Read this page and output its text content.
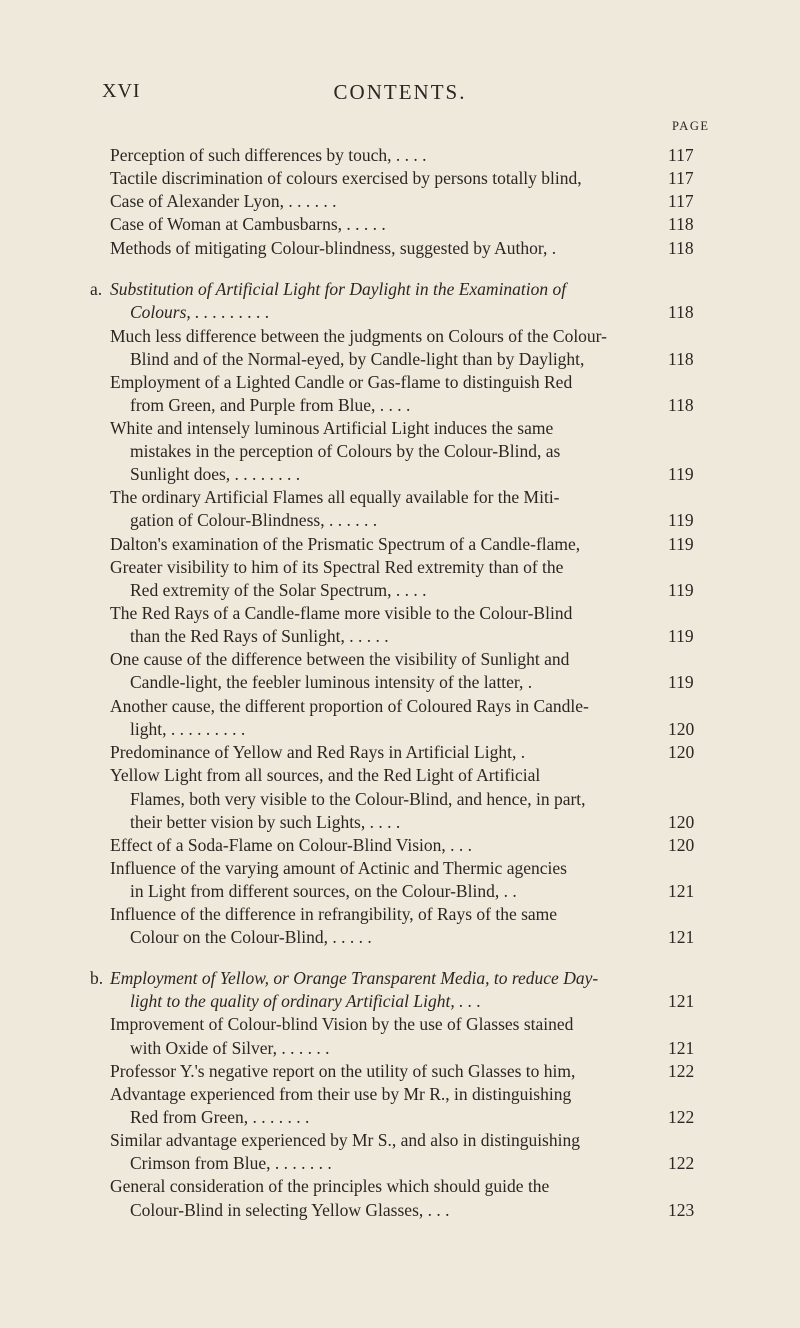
XVI	CONTENTS.
PAGE
Perception of such differences by touch, . . . .	117
Tactile discrimination of colours exercised by persons totally blind,	117
Case of Alexander Lyon, . . . . . .	117
Case of Woman at Cambusbarns, . . . . .	118
Methods of mitigating Colour-blindness, suggested by Author, .	118
a. Substitution of Artificial Light for Daylight in the Examination of
Colours, . . . . . . . . .	118
Much less difference between the judgments on Colours of the Colour-
Blind and of the Normal-eyed, by Candle-light than by Daylight,	118
Employment of a Lighted Candle or Gas-flame to distinguish Red
from Green, and Purple from Blue, . . . .	118
White and intensely luminous Artificial Light induces the same
mistakes in the perception of Colours by the Colour-Blind, as
Sunlight does, . . . . . . . .	119
The ordinary Artificial Flames all equally available for the Miti-
gation of Colour-Blindness, . . . . . .	119
Dalton's examination of the Prismatic Spectrum of a Candle-flame,	119
Greater visibility to him of its Spectral Red extremity than of the
Red extremity of the Solar Spectrum, . . . .	119
The Red Rays of a Candle-flame more visible to the Colour-Blind
than the Red Rays of Sunlight, . . . . .	119
One cause of the difference between the visibility of Sunlight and
Candle-light, the feebler luminous intensity of the latter, .	119
Another cause, the different proportion of Coloured Rays in Candle-
light, . . . . . . . . .	120
Predominance of Yellow and Red Rays in Artificial Light, .	120
Yellow Light from all sources, and the Red Light of Artificial
Flames, both very visible to the Colour-Blind, and hence, in part,
their better vision by such Lights, . . . .	120
Effect of a Soda-Flame on Colour-Blind Vision, . . .	120
Influence of the varying amount of Actinic and Thermic agencies
in Light from different sources, on the Colour-Blind, . .	121
Influence of the difference in refrangibility, of Rays of the same
Colour on the Colour-Blind, . . . . .	121
b. Employment of Yellow, or Orange Transparent Media, to reduce Day-
light to the quality of ordinary Artificial Light, . . .	121
Improvement of Colour-blind Vision by the use of Glasses stained
with Oxide of Silver, . . . . . .	121
Professor Y.'s negative report on the utility of such Glasses to him,	122
Advantage experienced from their use by Mr R., in distinguishing
Red from Green, . . . . . . .	122
Similar advantage experienced by Mr S., and also in distinguishing
Crimson from Blue, . . . . . . .	122
General consideration of the principles which should guide the
Colour-Blind in selecting Yellow Glasses, . . .	123
